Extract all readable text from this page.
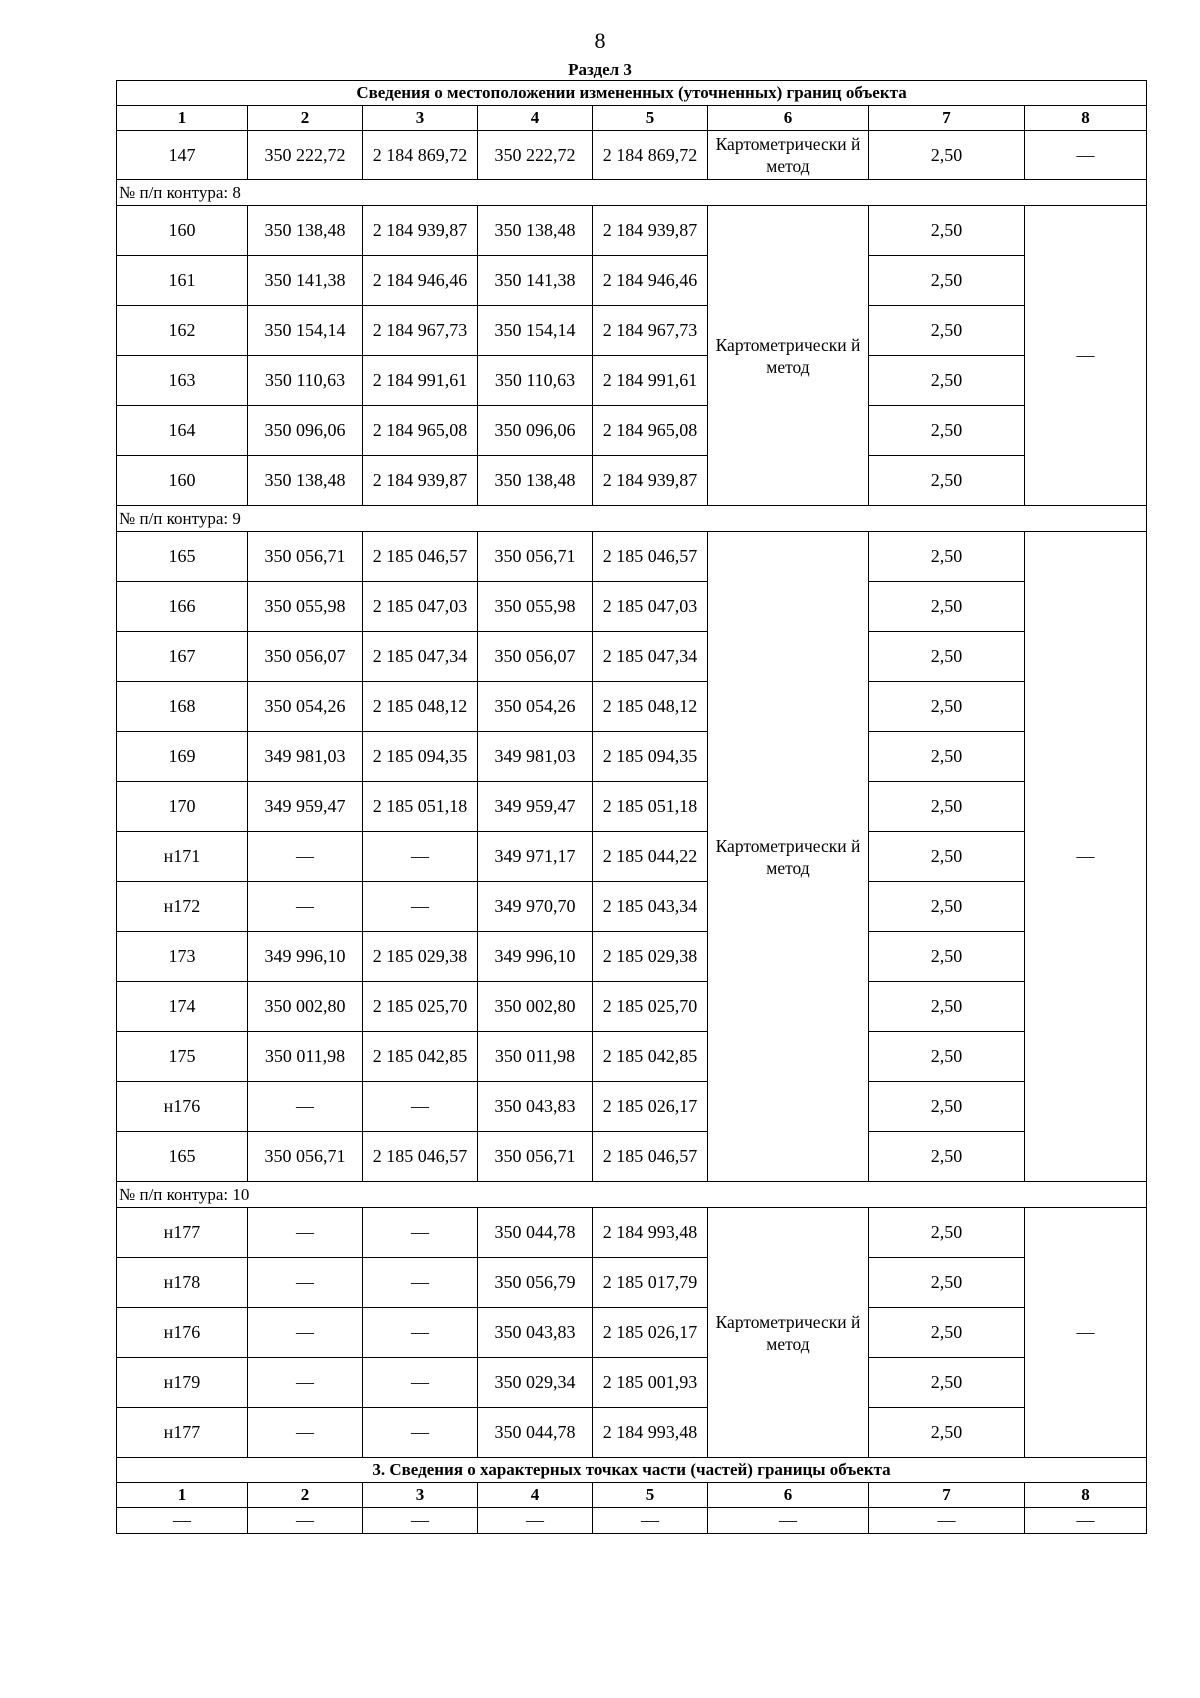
8
Раздел 3
Сведения о местоположении измененных (уточненных) границ объекта							
1	2	3	4	5	6	7	8
147	350 222,72	2 184 869,72	350 222,72	2 184 869,72	Картометрически й метод	2,50	—
№ п/п контура: 8							
160	350 138,48	2 184 939,87	350 138,48	2 184 939,87	Картометрически й метод	2,50	—
161	350 141,38	2 184 946,46	350 141,38	2 184 946,46		2,50	
162	350 154,14	2 184 967,73	350 154,14	2 184 967,73		2,50	
163	350 110,63	2 184 991,61	350 110,63	2 184 991,61		2,50	
164	350 096,06	2 184 965,08	350 096,06	2 184 965,08		2,50	
160	350 138,48	2 184 939,87	350 138,48	2 184 939,87		2,50	
№ п/п контура: 9							
165	350 056,71	2 185 046,57	350 056,71	2 185 046,57	Картометрически й метод	2,50	—
166	350 055,98	2 185 047,03	350 055,98	2 185 047,03		2,50	
167	350 056,07	2 185 047,34	350 056,07	2 185 047,34		2,50	
168	350 054,26	2 185 048,12	350 054,26	2 185 048,12		2,50	
169	349 981,03	2 185 094,35	349 981,03	2 185 094,35		2,50	
170	349 959,47	2 185 051,18	349 959,47	2 185 051,18		2,50	
н171	—	—	349 971,17	2 185 044,22		2,50	
н172	—	—	349 970,70	2 185 043,34		2,50	
173	349 996,10	2 185 029,38	349 996,10	2 185 029,38		2,50	
174	350 002,80	2 185 025,70	350 002,80	2 185 025,70		2,50	
175	350 011,98	2 185 042,85	350 011,98	2 185 042,85		2,50	
н176	—	—	350 043,83	2 185 026,17		2,50	
165	350 056,71	2 185 046,57	350 056,71	2 185 046,57		2,50	
№ п/п контура: 10							
н177	—	—	350 044,78	2 184 993,48	Картометрически й метод	2,50	—
н178	—	—	350 056,79	2 185 017,79		2,50	
н176	—	—	350 043,83	2 185 026,17		2,50	
н179	—	—	350 029,34	2 185 001,93		2,50	
н177	—	—	350 044,78	2 184 993,48		2,50	
3. Сведения о характерных точках части (частей) границы объекта							
1	2	3	4	5	6	7	8
—	—	—	—	—	—	—	—
